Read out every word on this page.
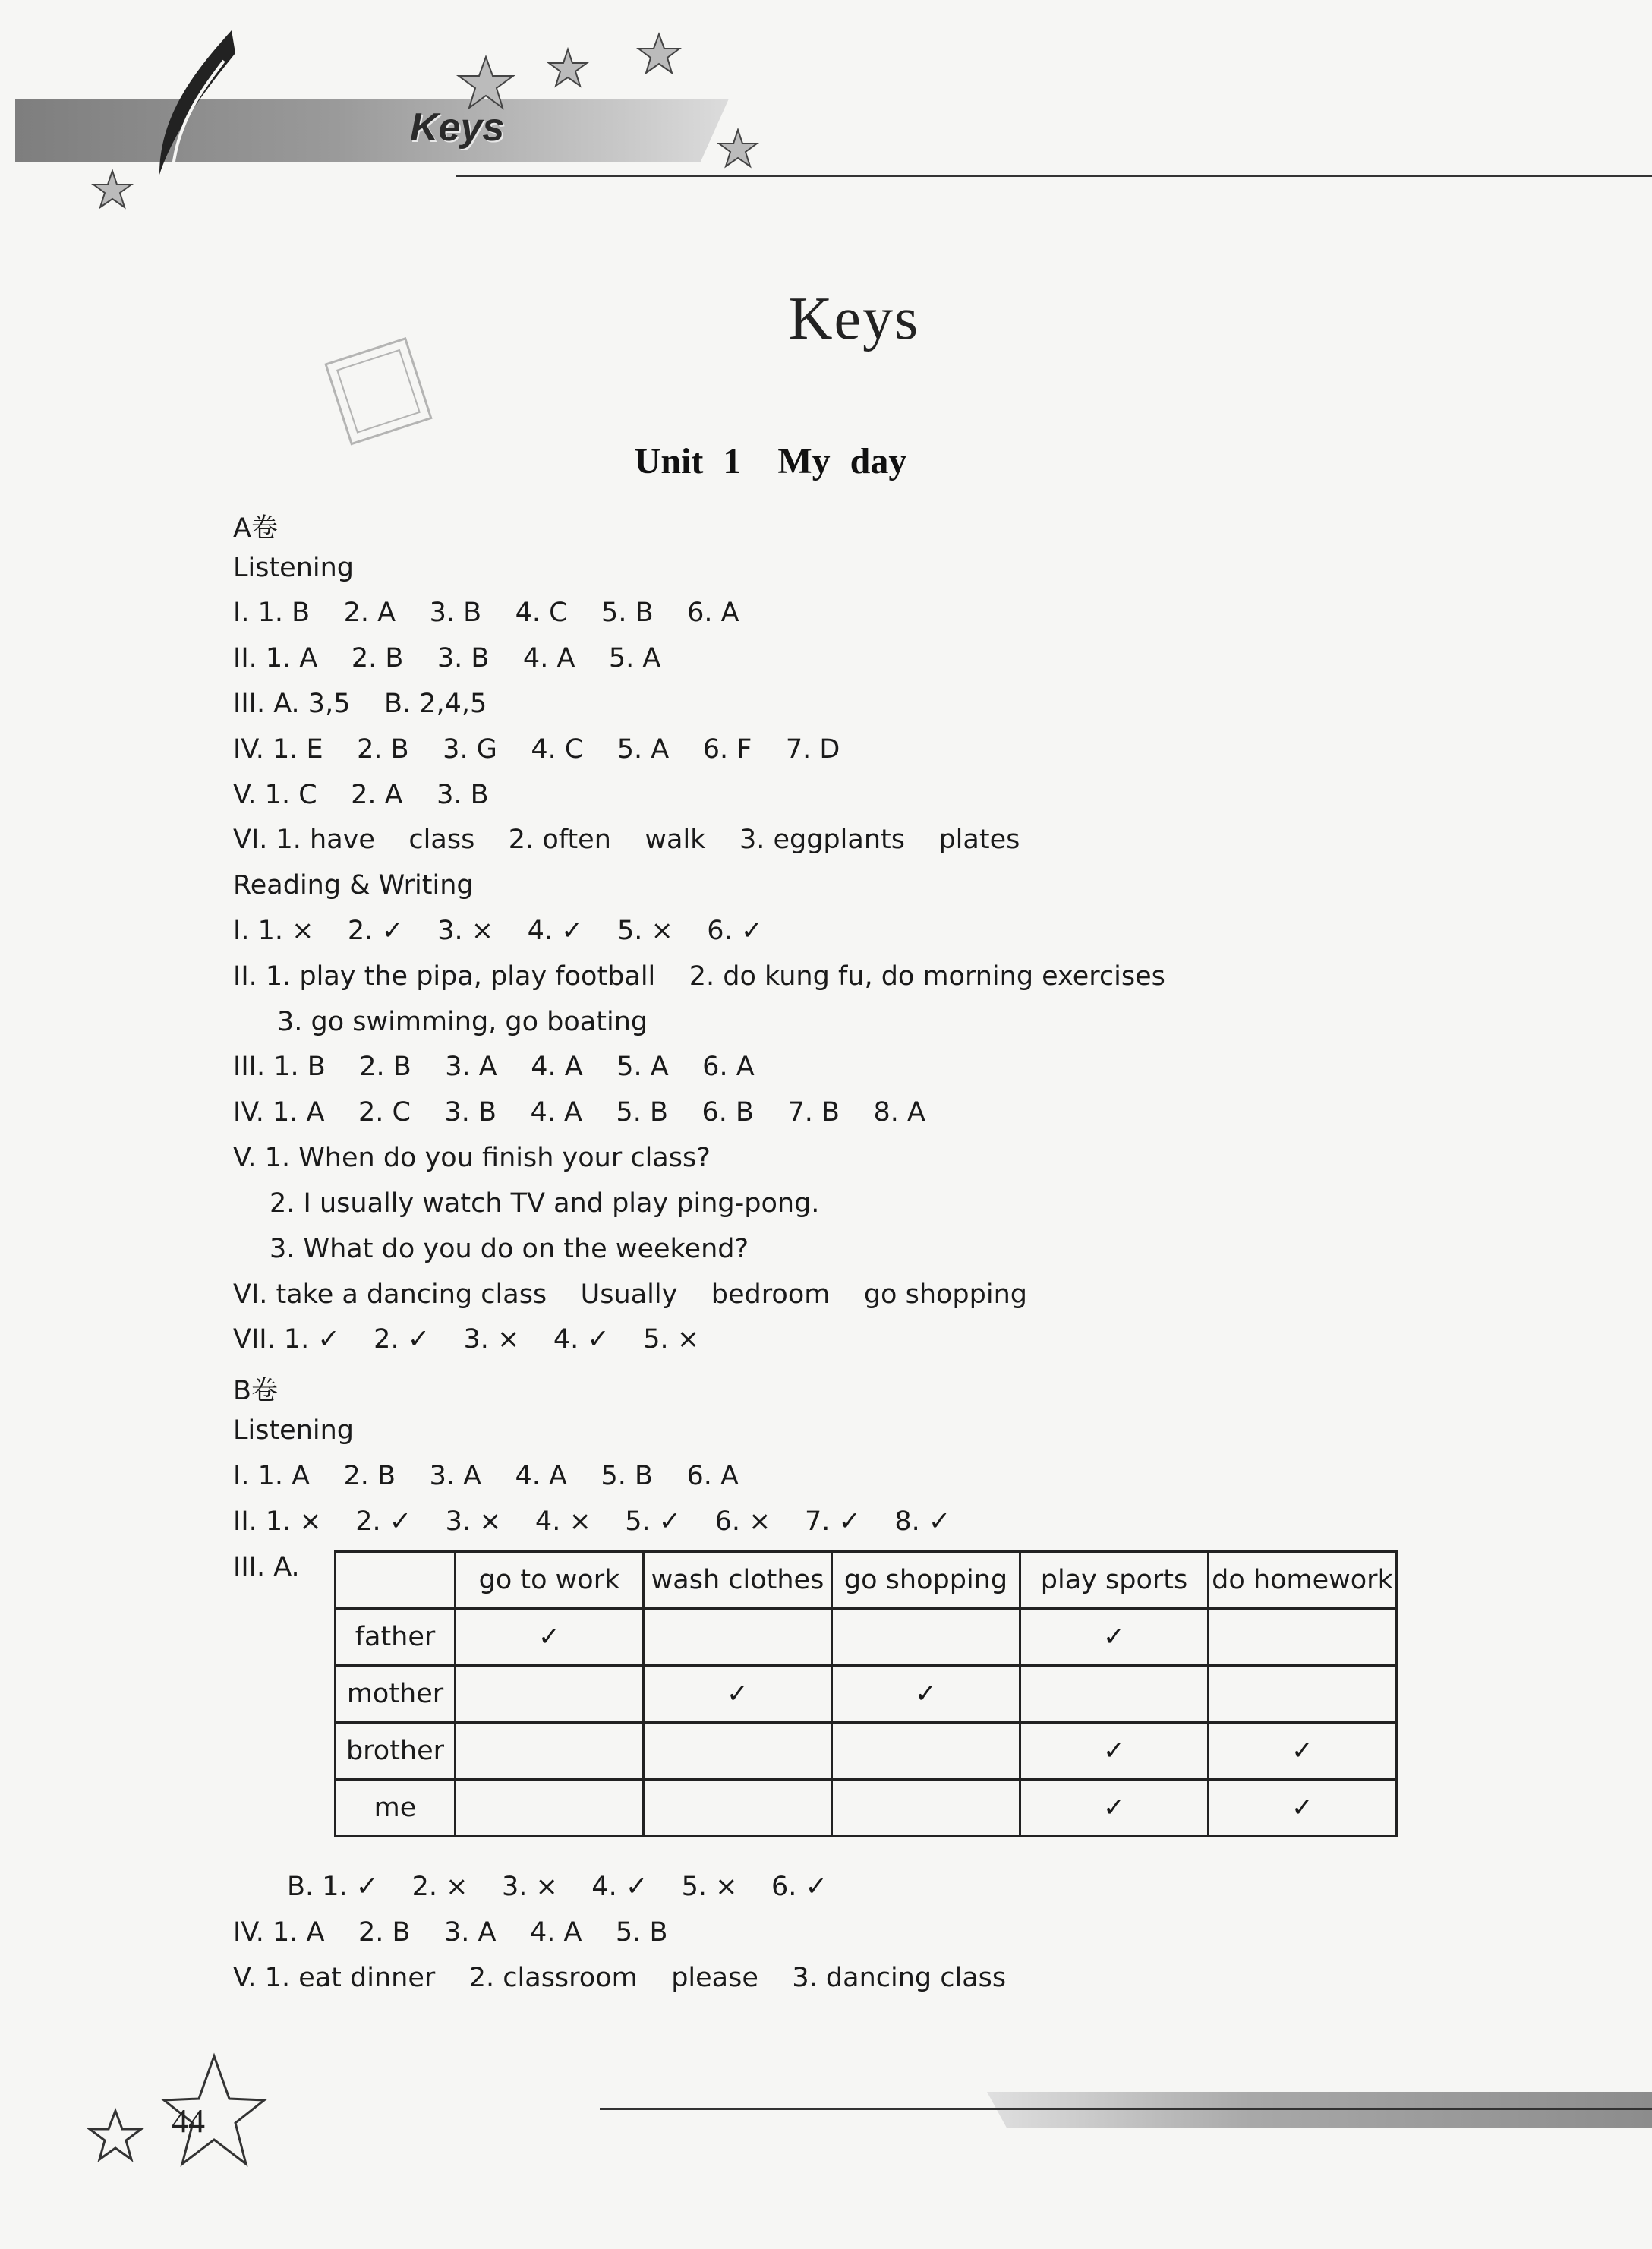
Keys
Keys
Unit 1　My day
A卷
Listening
I. 1. B    2. A    3. B    4. C    5. B    6. A
II. 1. A    2. B    3. B    4. A    5. A
III. A. 3,5    B. 2,4,5
IV. 1. E    2. B    3. G    4. C    5. A    6. F    7. D
V. 1. C    2. A    3. B
VI. 1. have    class    2. often    walk    3. eggplants    plates
Reading & Writing
I. 1. ×    2. ✓    3. ×    4. ✓    5. ×    6. ✓
II. 1. play the pipa, play football    2. do kung fu, do morning exercises
3. go swimming, go boating
III. 1. B    2. B    3. A    4. A    5. A    6. A
IV. 1. A    2. C    3. B    4. A    5. B    6. B    7. B    8. A
V. 1. When do you finish your class?
2. I usually watch TV and play ping-pong.
3. What do you do on the weekend?
VI. take a dancing class    Usually    bedroom    go shopping
VII. 1. ✓    2. ✓    3. ×    4. ✓    5. ×
B卷
Listening
I. 1. A    2. B    3. A    4. A    5. B    6. A
II. 1. ×    2. ✓    3. ×    4. ×    5. ✓    6. ×    7. ✓    8. ✓
III. A.
		go to work	wash clothes	go shopping	play sports	do homework
father	✓			✓	
mother		✓	✓		
brother				✓	✓
me				✓	✓
B. 1. ✓    2. ×    3. ×    4. ✓    5. ×    6. ✓
IV. 1. A    2. B    3. A    4. A    5. B
V. 1. eat dinner    2. classroom    please    3. dancing class
44
